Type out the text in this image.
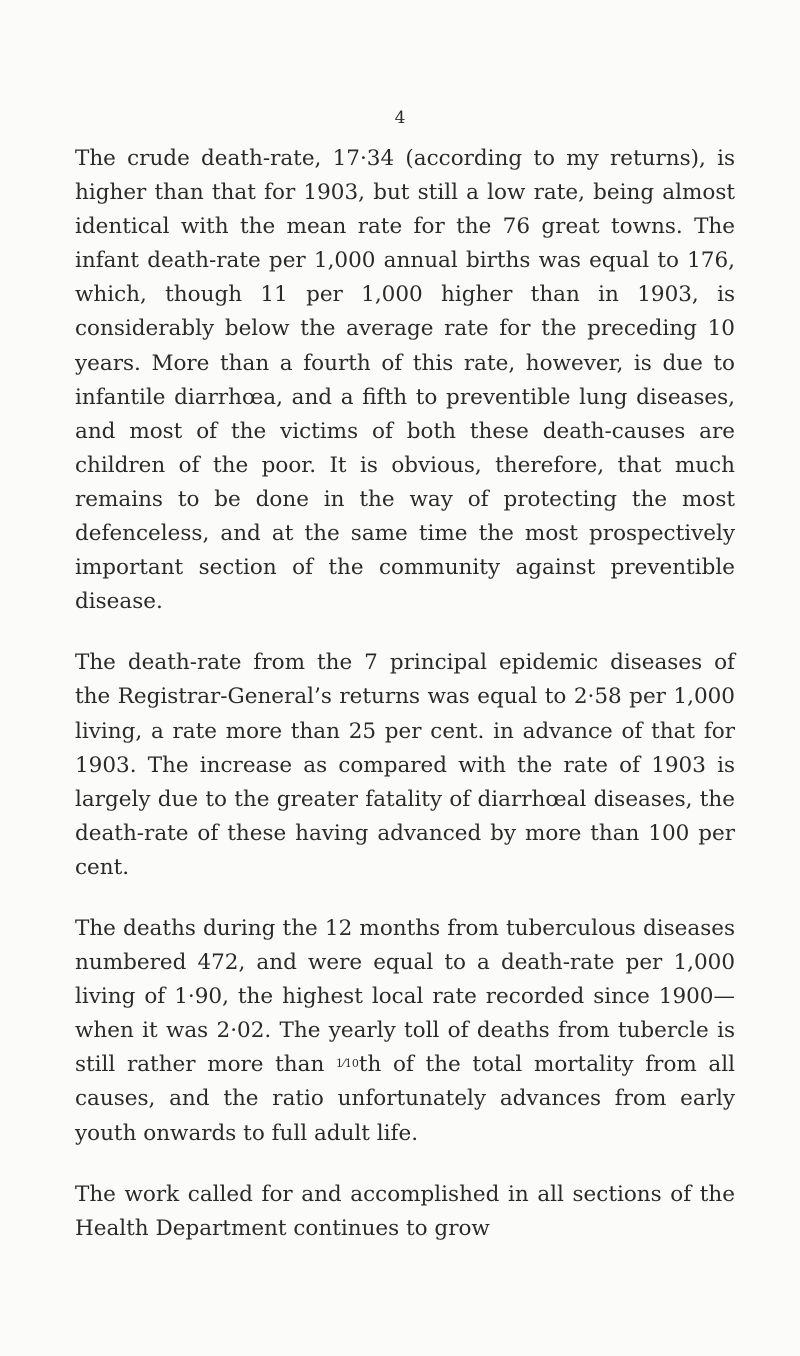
4

The crude death-rate, 17·34 (according to my returns), is higher than that for 1903, but still a low rate, being almost identical with the mean rate for the 76 great towns. The infant death-rate per 1,000 annual births was equal to 176, which, though 11 per 1,000 higher than in 1903, is considerably below the average rate for the preceding 10 years. More than a fourth of this rate, however, is due to infantile diarrhœa, and a fifth to preventible lung diseases, and most of the victims of both these death-causes are children of the poor. It is obvious, therefore, that much remains to be done in the way of protecting the most defenceless, and at the same time the most prospectively important section of the community against preventible disease.

The death-rate from the 7 principal epidemic diseases of the Registrar-General’s returns was equal to 2·58 per 1,000 living, a rate more than 25 per cent. in advance of that for 1903. The increase as compared with the rate of 1903 is largely due to the greater fatality of diarrhœal diseases, the death-rate of these having advanced by more than 100 per cent.

The deaths during the 12 months from tuberculous diseases numbered 472, and were equal to a death-rate per 1,000 living of 1·90, the highest local rate recorded since 1900—when it was 2·02. The yearly toll of deaths from tubercle is still rather more than 1⁄10th of the total mortality from all causes, and the ratio unfortunately advances from early youth onwards to full adult life.

The work called for and accomplished in all sections of the Health Department continues to grow
